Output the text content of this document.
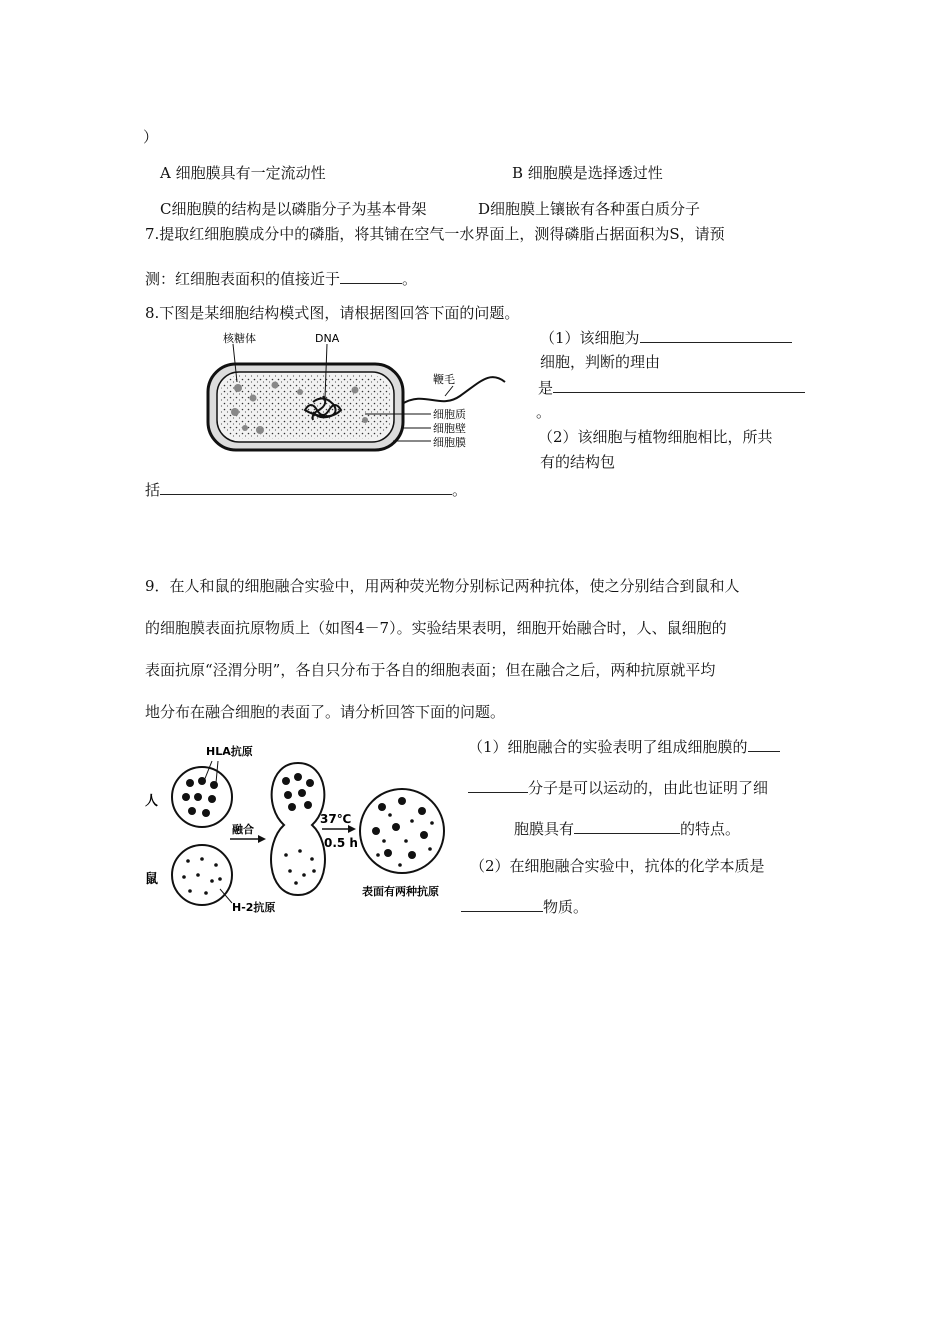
）
A 细胞膜具有一定流动性	B 细胞膜是选择透过性
C细胞膜的结构是以磷脂分子为基本骨架	D细胞膜上镶嵌有各种蛋白质分子
7.提取红细胞膜成分中的磷脂，将其铺在空气一水界面上，测得磷脂占据面积为S，请预
测：红细胞表面积的值接近于	。
8.下图是某细胞结构模式图，请根据图回答下面的问题。
核糖体	DNA
鞭毛
细胞质
细胞壁
细胞膜
（1）该细胞为
细胞，判断的理由
是
。
（2）该细胞与植物细胞相比，所共
有的结构包
括	。
9．在人和鼠的细胞融合实验中，用两种荧光物分别标记两种抗体，使之分别结合到鼠和人
的细胞膜表面抗原物质上（如图4－7）。实验结果表明，细胞开始融合时，人、鼠细胞的
表面抗原“泾渭分明”，各自只分布于各自的细胞表面；但在融合之后，两种抗原就平均
地分布在融合细胞的表面了。请分析回答下面的问题。
HLA抗原
人
鼠
融合
37℃
0.5 h
H-2抗原
表面有两种抗原
（1）细胞融合的实验表明了组成细胞膜的
分子是可以运动的，由此也证明了细
胞膜具有	的特点。
（2）在细胞融合实验中，抗体的化学本质是
物质。
